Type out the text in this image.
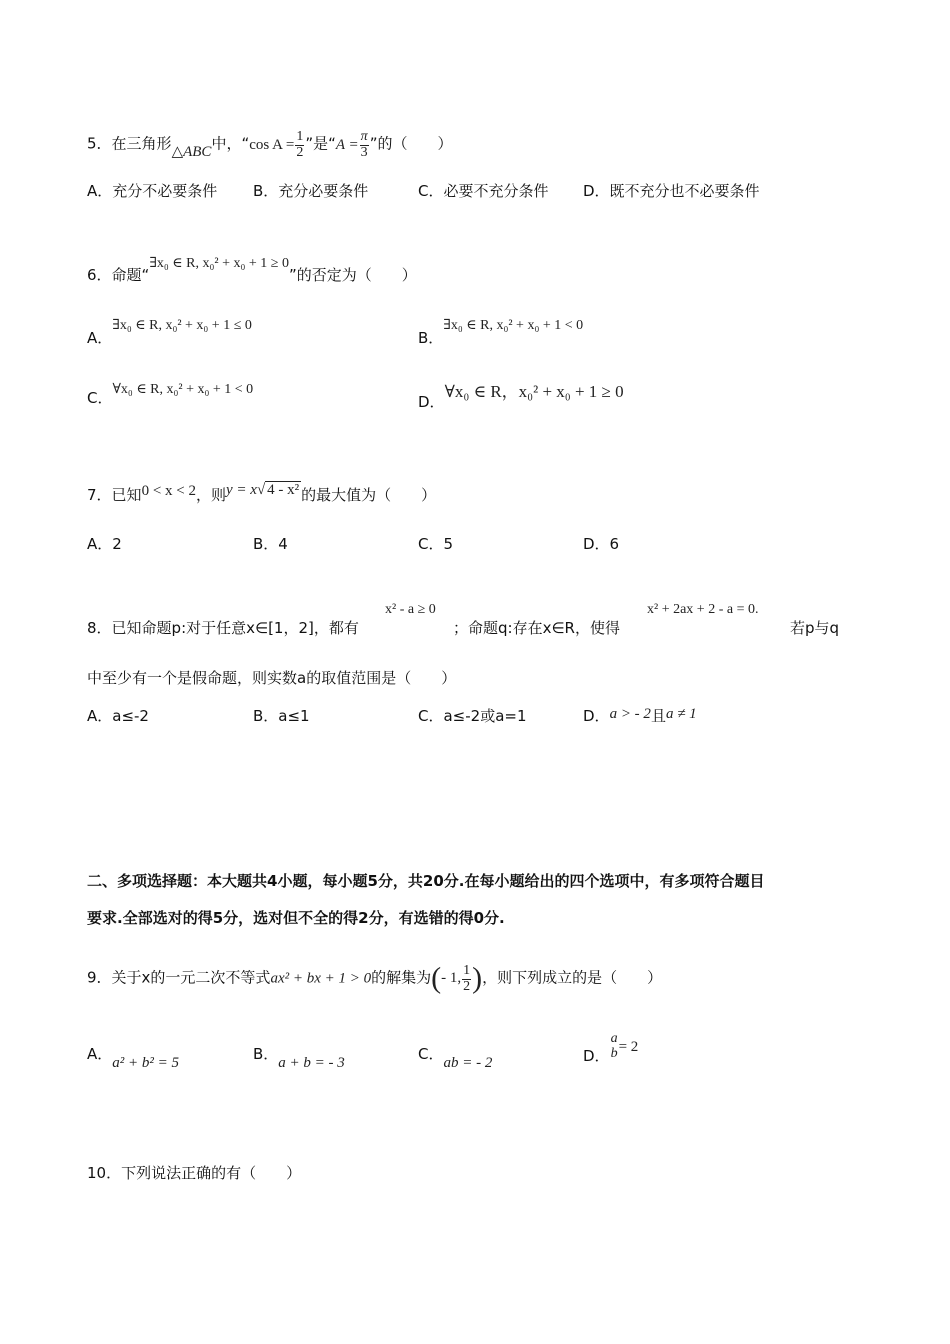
5．在三角形△ABC中，“cos $A = \frac{1}{2}$ ”是“$A = \frac{\pi}{3}$ ”的（　　）
A．充分不必要条件 B．充分必要条件	C．必要不充分条件 D．既不充分也不必要条件
6．命题“∃x₀ ∈ R, x₀² + x₀ + 1 ≥ 0”的否定为（　　）
A．∃x₀ ∈ R, x₀² + x₀ + 1 ≤ 0
B．∃x₀ ∈ R, x₀² + x₀ + 1 < 0
C．∀x₀ ∈ R, x₀² + x₀ + 1 < 0
D．∀x₀ ∈ R，x₀² + x₀ + 1 ≥ 0
7．已知0 < x < 2，则y = x√ 4 - x² 的最大值为（　　）
A．2	B．4	C．5	D．6
8．已知命题p:对于任意x∈[1，2]，都有
x² - a ≥ 0
；命题q:存在x∈R，使得
x² + 2ax + 2 - a = 0.
若p与q
中至少有一个是假命题，则实数a的取值范围是（　　）
A．a≤-2	B．a≤1	C．a≤-2或a=1	D．a > - 2且a ≠ 1
二、多项选择题：本大题共4小题，每小题5分，共20分.在每小题给出的四个选项中，有多项符合题目
要求.全部选对的得5分，选对但不全的得2分，有选错的得0分.
9．关于x的一元二次不等式ax² + bx + 1 > 0的解集为(- 1, $\frac{1}{2}$ )，则下列成立的是（　　）
A．a² + b² = 5	B．a + b = - 3	C．ab = - 2	D．
a
b = 2
10．下列说法正确的有（　　）
